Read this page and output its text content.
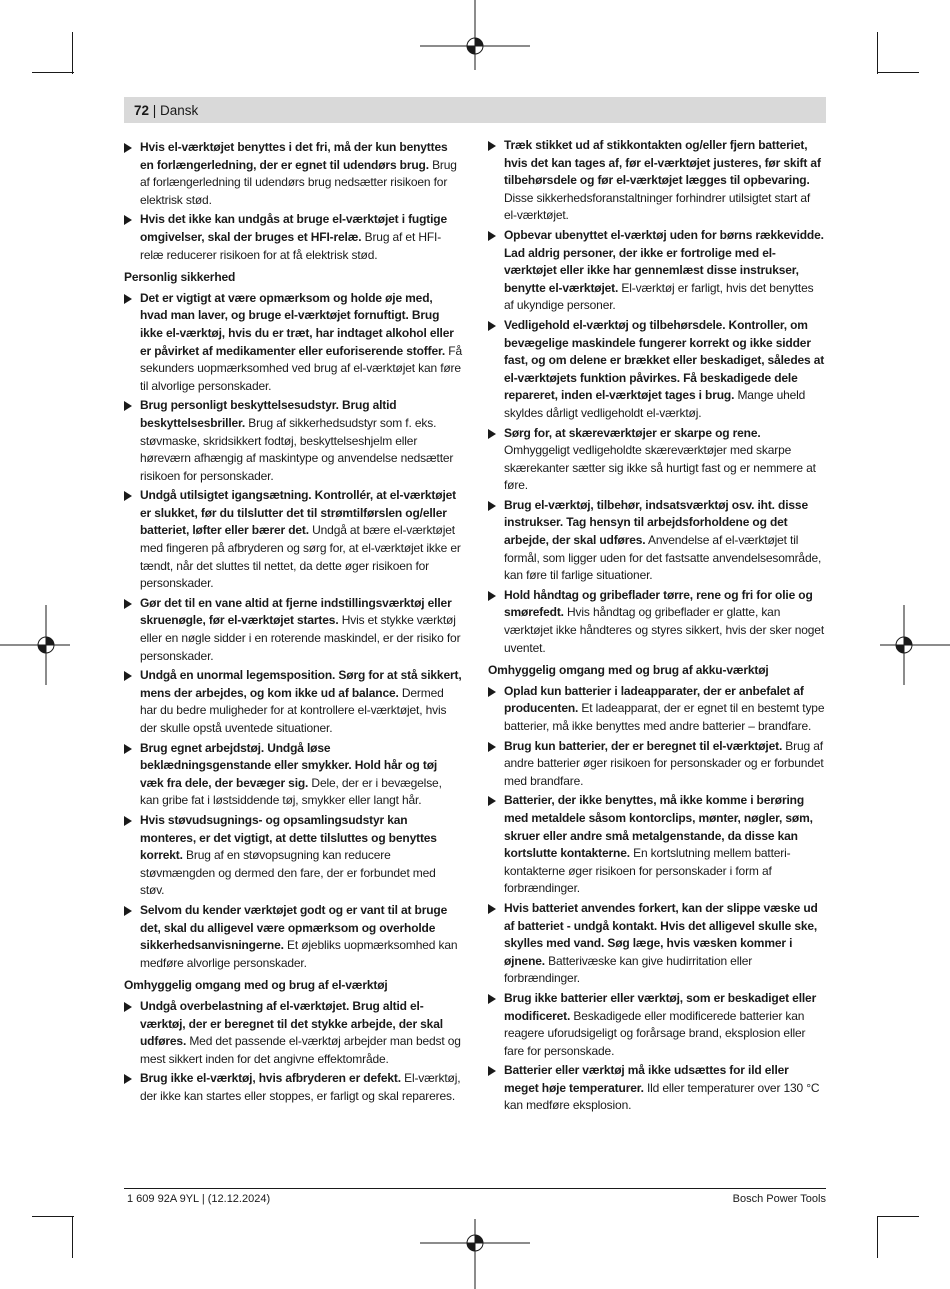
72 | Dansk
Hvis el-værktøjet benyttes i det fri, må der kun benyttes en forlængerledning, der er egnet til udendørs brug. Brug af forlængerledning til udendørs brug nedsætter risikoen for elektrisk stød.
Hvis det ikke kan undgås at bruge el-værktøjet i fugtige omgivelser, skal der bruges et HFI-relæ. Brug af et HFI-relæ reducerer risikoen for at få elektrisk stød.
Personlig sikkerhed
Det er vigtigt at være opmærksom og holde øje med, hvad man laver, og bruge el-værktøjet fornuftigt. Brug ikke el-værktøj, hvis du er træt, har indtaget alkohol eller er påvirket af medikamenter eller euforiserende stoffer. Få sekunders uopmærksomhed ved brug af el-værktøjet kan føre til alvorlige personskader.
Brug personligt beskyttelsesudstyr. Brug altid beskyttelsesbriller. Brug af sikkerhedsudstyr som f. eks. støvmaske, skridsikkert fodtøj, beskyttelseshjelm eller høreværn afhængig af maskintype og anvendelse nedsætter risikoen for personskader.
Undgå utilsigtet igangsætning. Kontrollér, at el-værktøjet er slukket, før du tilslutter det til strømtilførslen og/eller batteriet, løfter eller bærer det. Undgå at bære el-værktøjet med fingeren på afbryderen og sørg for, at el-værktøjet ikke er tændt, når det sluttes til nettet, da dette øger risikoen for personskader.
Gør det til en vane altid at fjerne indstillingsværktøj eller skruenøgle, før el-værktøjet startes. Hvis et stykke værktøj eller en nøgle sidder i en roterende maskindel, er der risiko for personskader.
Undgå en unormal legemsposition. Sørg for at stå sikkert, mens der arbejdes, og kom ikke ud af balance. Dermed har du bedre muligheder for at kontrollere el-værktøjet, hvis der skulle opstå uventede situationer.
Brug egnet arbejdstøj. Undgå løse beklædningsgenstande eller smykker. Hold hår og tøj væk fra dele, der bevæger sig. Dele, der er i bevægelse, kan gribe fat i løstsiddende tøj, smykker eller langt hår.
Hvis støvudsugnings- og opsamlingsudstyr kan monteres, er det vigtigt, at dette tilsluttes og benyttes korrekt. Brug af en støvopsugning kan reducere støvmængden og dermed den fare, der er forbundet med støv.
Selvom du kender værktøjet godt og er vant til at bruge det, skal du alligevel være opmærksom og overholde sikkerhedsanvisningerne. Et øjebliks uopmærksomhed kan medføre alvorlige personskader.
Omhyggelig omgang med og brug af el-værktøj
Undgå overbelastning af el-værktøjet. Brug altid el-værktøj, der er beregnet til det stykke arbejde, der skal udføres. Med det passende el-værktøj arbejder man bedst og mest sikkert inden for det angivne effektområde.
Brug ikke el-værktøj, hvis afbryderen er defekt. El-værktøj, der ikke kan startes eller stoppes, er farligt og skal repareres.
Træk stikket ud af stikkontakten og/eller fjern batteriet, hvis det kan tages af, før el-værktøjet justeres, før skift af tilbehørsdele og før el-værktøjet lægges til opbevaring. Disse sikkerhedsforanstaltninger forhindrer utilsigtet start af el-værktøjet.
Opbevar ubenyttet el-værktøj uden for børns rækkevidde. Lad aldrig personer, der ikke er fortrolige med el-værktøjet eller ikke har gennemlæst disse instrukser, benytte el-værktøjet. El-værktøj er farligt, hvis det benyttes af ukyndige personer.
Vedligehold el-værktøj og tilbehørsdele. Kontroller, om bevægelige maskindele fungerer korrekt og ikke sidder fast, og om delene er brækket eller beskadiget, således at el-værktøjets funktion påvirkes. Få beskadigede dele repareret, inden el-værktøjet tages i brug. Mange uheld skyldes dårligt vedligeholdt el-værktøj.
Sørg for, at skæreværktøjer er skarpe og rene. Omhyggeligt vedligeholdte skæreværktøjer med skarpe skærekanter sætter sig ikke så hurtigt fast og er nemmere at føre.
Brug el-værktøj, tilbehør, indsatsværktøj osv. iht. disse instrukser. Tag hensyn til arbejdsforholdene og det arbejde, der skal udføres. Anvendelse af el-værktøjet til formål, som ligger uden for det fastsatte anvendelsesområde, kan føre til farlige situationer.
Hold håndtag og gribeflader tørre, rene og fri for olie og smørefedt. Hvis håndtag og gribeflader er glatte, kan værktøjet ikke håndteres og styres sikkert, hvis der sker noget uventet.
Omhyggelig omgang med og brug af akku-værktøj
Oplad kun batterier i ladeapparater, der er anbefalet af producenten. Et ladeapparat, der er egnet til en bestemt type batterier, må ikke benyttes med andre batterier – brandfare.
Brug kun batterier, der er beregnet til el-værktøjet. Brug af andre batterier øger risikoen for personskader og er forbundet med brandfare.
Batterier, der ikke benyttes, må ikke komme i berøring med metaldele såsom kontorclips, mønter, nøgler, søm, skruer eller andre små metalgenstande, da disse kan kortslutte kontakterne. En kortslutning mellem batteri-kontakterne øger risikoen for personskader i form af forbrændinger.
Hvis batteriet anvendes forkert, kan der slippe væske ud af batteriet - undgå kontakt. Hvis det alligevel skulle ske, skylles med vand. Søg læge, hvis væsken kommer i øjnene. Batterivæske kan give hudirritation eller forbrændinger.
Brug ikke batterier eller værktøj, som er beskadiget eller modificeret. Beskadigede eller modificerede batterier kan reagere uforudsigeligt og forårsage brand, eksplosion eller fare for personskade.
Batterier eller værktøj må ikke udsættes for ild eller meget høje temperaturer. Ild eller temperaturer over 130 °C kan medføre eksplosion.
1 609 92A 9YL | (12.12.2024)	Bosch Power Tools
